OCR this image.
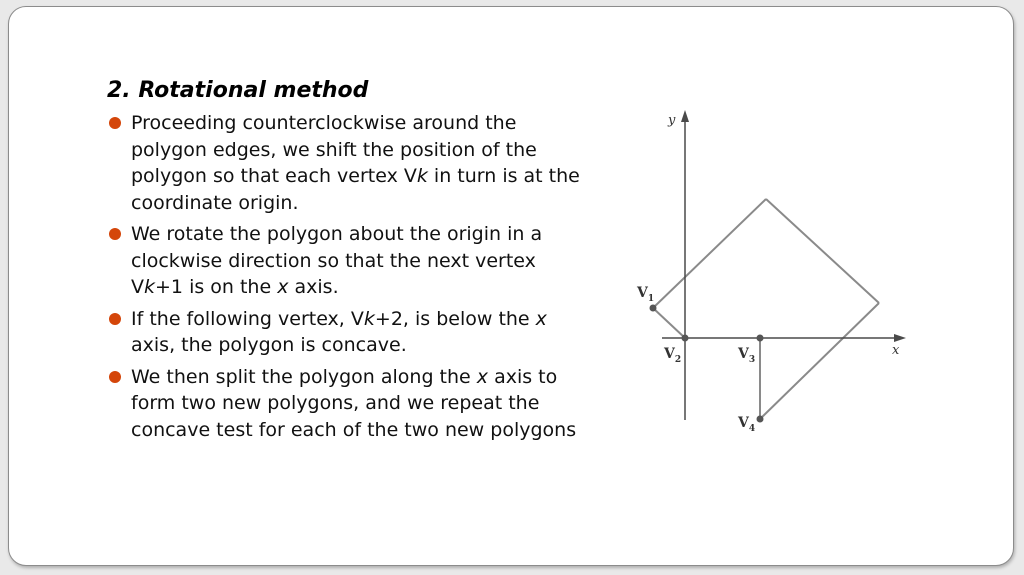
2. Rotational method
Proceeding counterclockwise around the polygon edges, we shift the position of the polygon so that each vertex Vk in turn is at the coordinate origin.
We rotate the polygon about the origin in a clockwise direction so that the next vertex Vk+1 is on the x axis.
If the following vertex, Vk+2, is below the x axis, the polygon is concave.
We then split the polygon along the x axis to form two new polygons, and we repeat the concave test for each of the two new polygons
y
x
$V_1$
$V_2$	$V_3$
$V_4$
